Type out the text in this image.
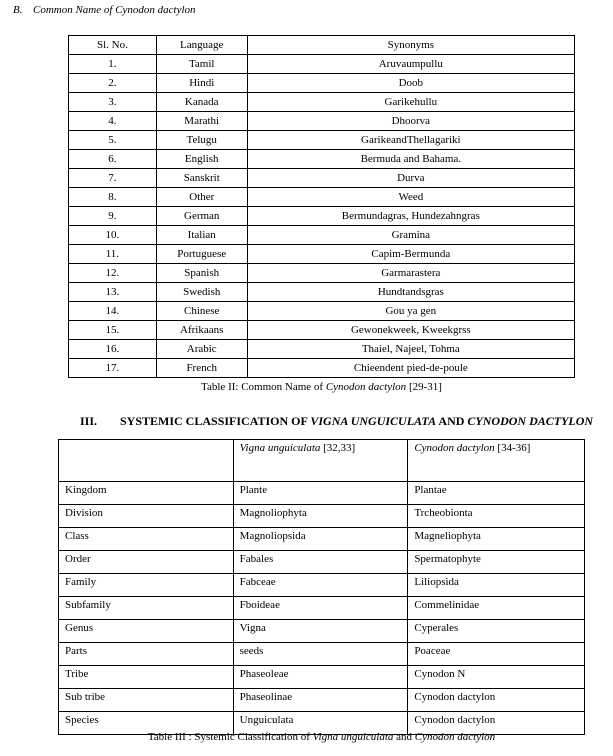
B. Common Name of Cynodon dactylon
Sl. No.	Language	Synonyms
1.	Tamil	Aruvaumpullu
2.	Hindi	Doob
3.	Kanada	Garikehullu
4.	Marathi	Dhoorva
5.	Telugu	GarikeandThellagariki
6.	English	Bermuda and Bahama.
7.	Sanskrit	Durva
8.	Other	Weed
9.	German	Bermundagras, Hundezahngras
10.	Italian	Gramina
11.	Portuguese	Capim-Bermunda
12.	Spanish	Garmarastera
13.	Swedish	Hundtandsgras
14.	Chinese	Gou ya gen
15.	Afrikaans	Gewonekweek, Kweekgrss
16.	Arabic	Thaiel, Najeel, Tohma
17.	French	Chieendent pied-de-poule
Table II: Common Name of Cynodon dactylon [29-31]
III. SYSTEMIC CLASSIFICATION OF VIGNA UNGUICULATA AND CYNODON DACTYLON
	Vigna unguiculata [32,33]	Cynodon dactylon [34-36]
Kingdom	Plante	Plantae
Division	Magnoliophyta	Trcheobionta
Class	Magnoliopsida	Magneliophyta
Order	Fabales	Spermatophyte
Family	Fabceae	Liliopsida
Subfamily	Fboideae	Commelinidae
Genus	Vigna	Cyperales
Parts	seeds	Poaceae
Tribe	Phaseoleae	Cynodon N
Sub tribe	Phaseolinae	Cynodon dactylon
Species	Unguiculata	Cynodon dactylon
Table III : Systemic Classification of Vigna unguiculata and Cynodon dactylon
